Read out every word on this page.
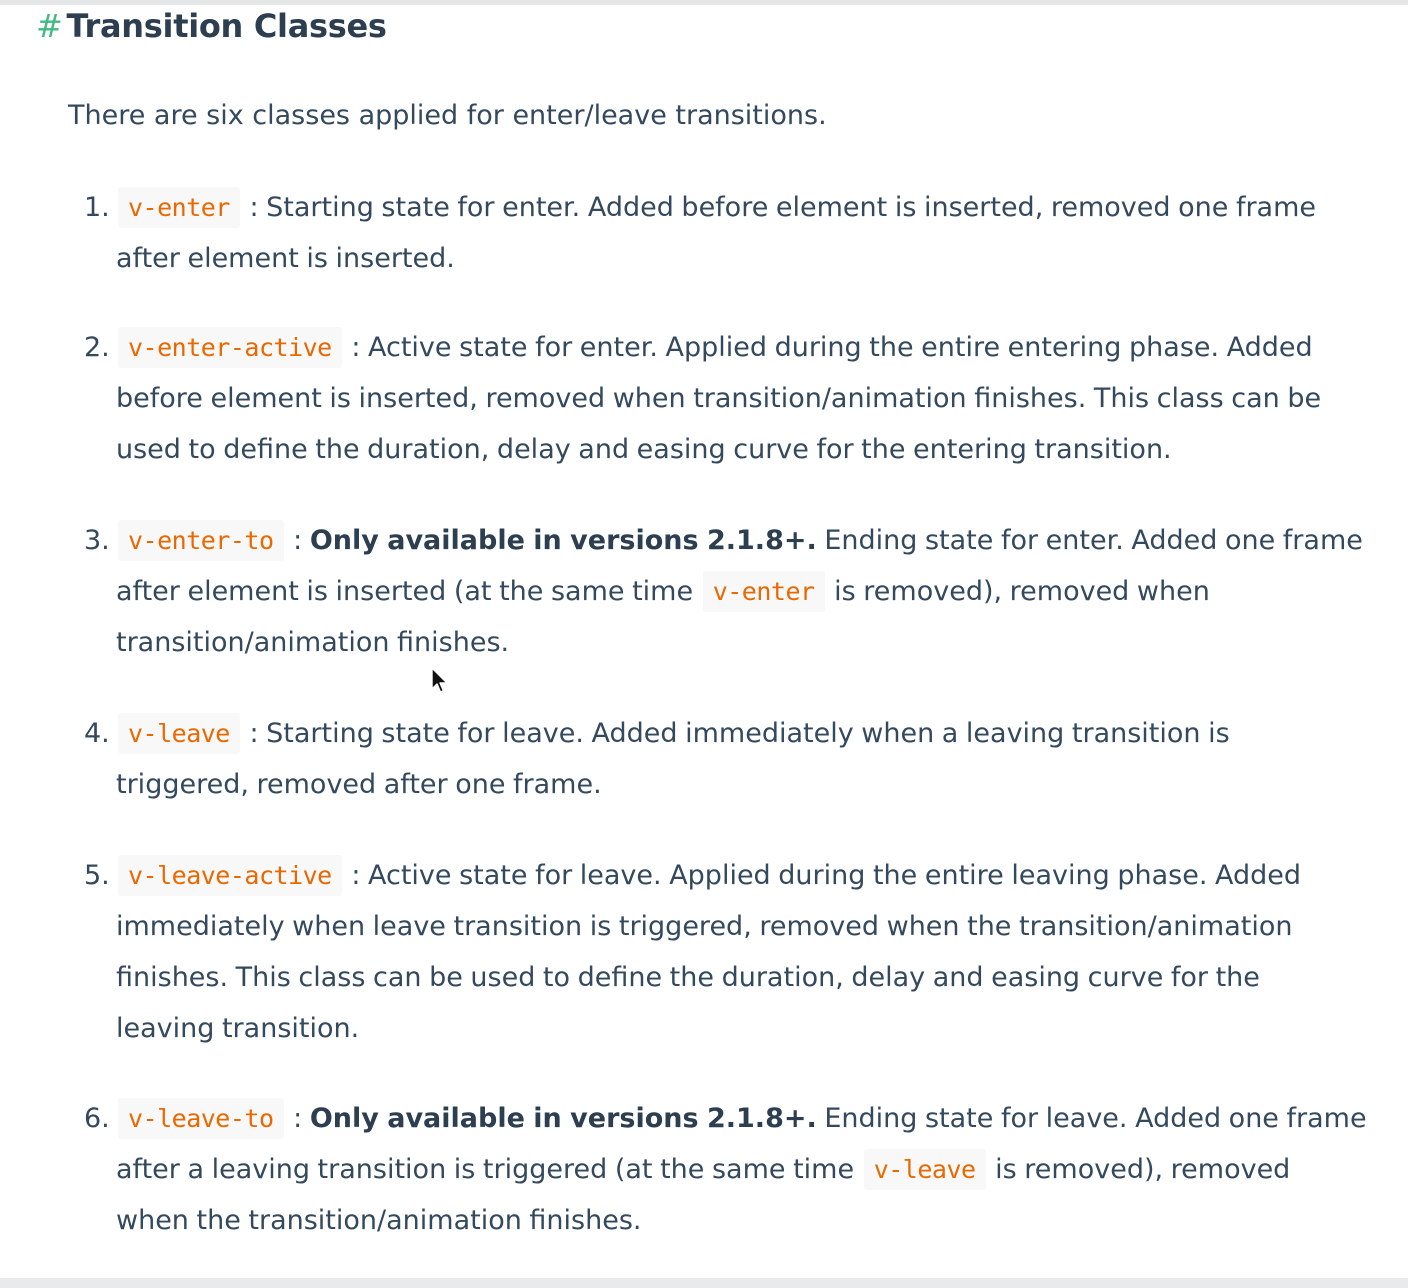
# Transition Classes

There are six classes applied for enter/leave transitions.

1. v-enter : Starting state for enter. Added before element is inserted, removed one frame
after element is inserted.
2. v-enter-active : Active state for enter. Applied during the entire entering phase. Added
before element is inserted, removed when transition/animation finishes. This class can be
used to define the duration, delay and easing curve for the entering transition.
3. v-enter-to : Only available in versions 2.1.8+. Ending state for enter. Added one frame
after element is inserted (at the same time v-enter is removed), removed when
transition/animation finishes.
4. v-leave : Starting state for leave. Added immediately when a leaving transition is
triggered, removed after one frame.
5. v-leave-active : Active state for leave. Applied during the entire leaving phase. Added
immediately when leave transition is triggered, removed when the transition/animation
finishes. This class can be used to define the duration, delay and easing curve for the
leaving transition.
6. v-leave-to : Only available in versions 2.1.8+. Ending state for leave. Added one frame
after a leaving transition is triggered (at the same time v-leave is removed), removed
when the transition/animation finishes.
